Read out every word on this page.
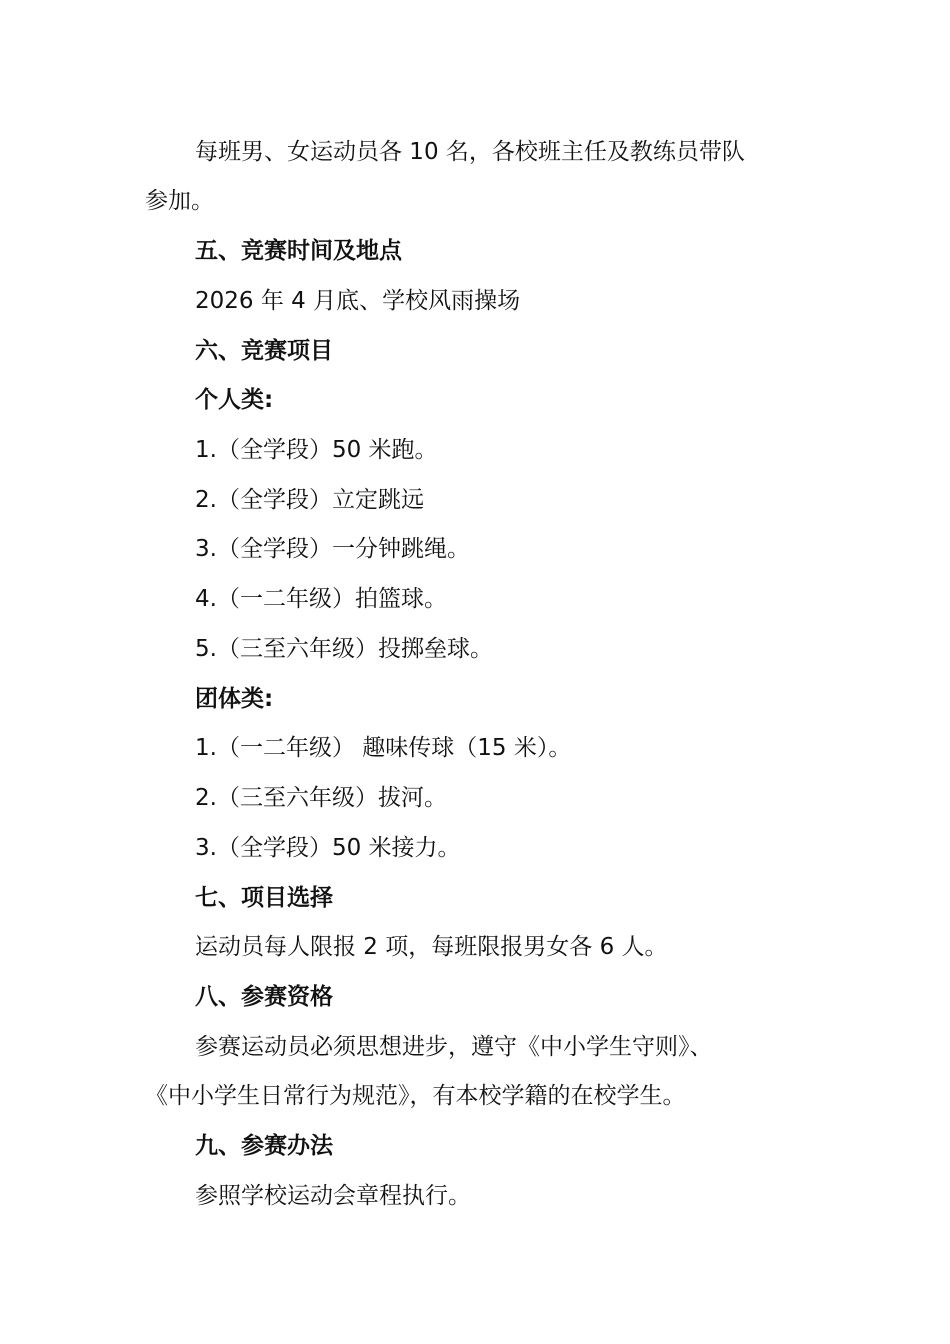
每班男、女运动员各 10 名，各校班主任及教练员带队
参加。
五、竞赛时间及地点
2026 年 4 月底、学校风雨操场
六、竞赛项目
个人类:
1.（全学段）50 米跑。
2.（全学段）立定跳远
3.（全学段）一分钟跳绳。
4.（一二年级）拍篮球。
5.（三至六年级）投掷垒球。
团体类:
1.（一二年级） 趣味传球（15 米）。
2.（三至六年级）拔河。
3.（全学段）50 米接力。
七、项目选择
运动员每人限报 2 项，每班限报男女各 6 人。
八、参赛资格
参赛运动员必须思想进步，遵守《中小学生守则》、
《中小学生日常行为规范》，有本校学籍的在校学生。
九、参赛办法
参照学校运动会章程执行。
